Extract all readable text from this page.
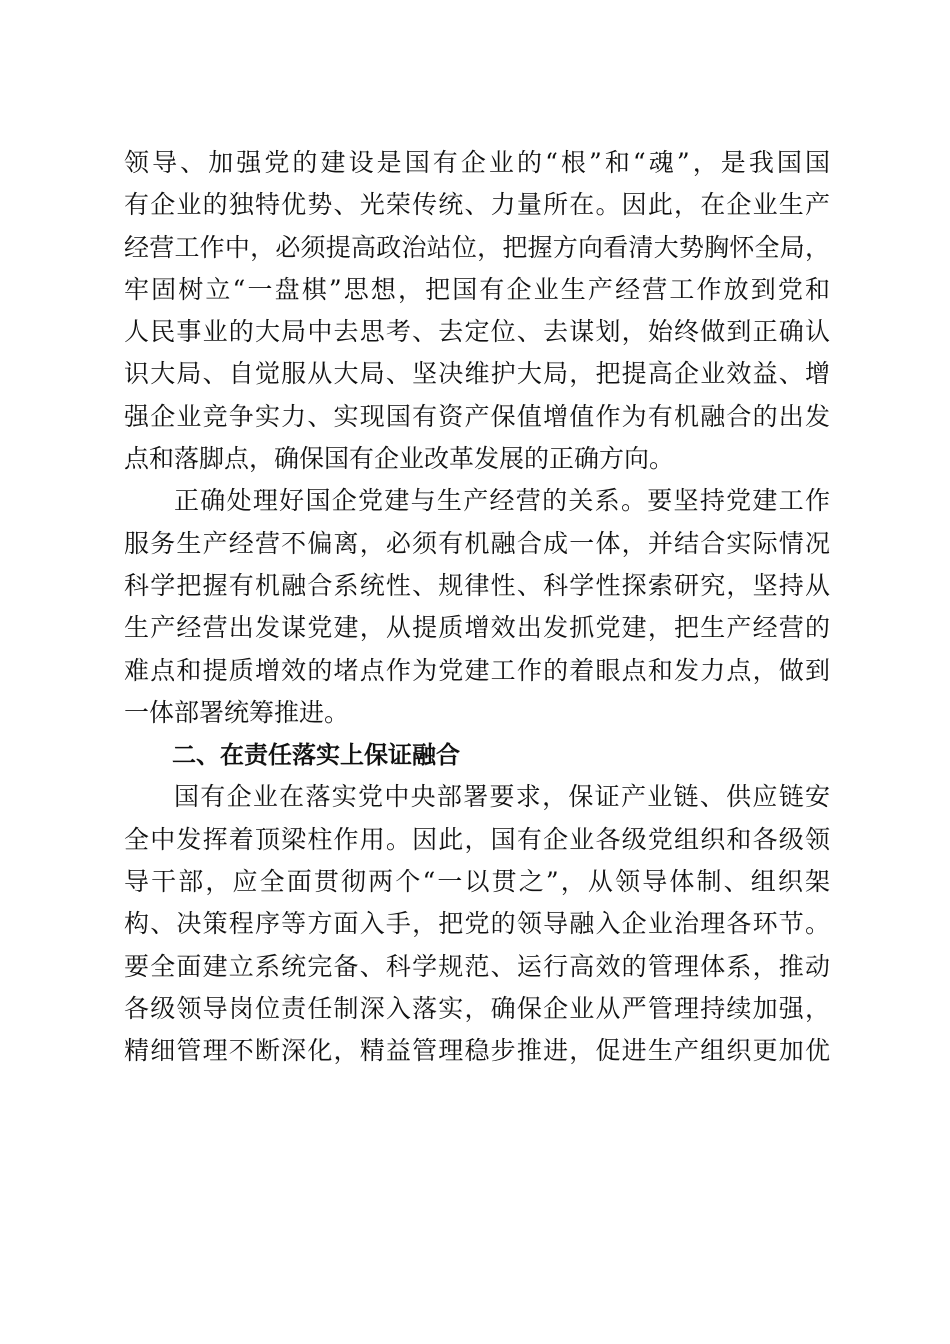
领导、加强党的建设是国有企业的“根”和“魂”，是我国国
有企业的独特优势、光荣传统、力量所在。因此，在企业生产
经营工作中，必须提高政治站位，把握方向看清大势胸怀全局，
牢固树立“一盘棋”思想，把国有企业生产经营工作放到党和
人民事业的大局中去思考、去定位、去谋划，始终做到正确认
识大局、自觉服从大局、坚决维护大局，把提高企业效益、增
强企业竞争实力、实现国有资产保值增值作为有机融合的出发
点和落脚点，确保国有企业改革发展的正确方向。
正确处理好国企党建与生产经营的关系。要坚持党建工作
服务生产经营不偏离，必须有机融合成一体，并结合实际情况
科学把握有机融合系统性、规律性、科学性探索研究，坚持从
生产经营出发谋党建，从提质增效出发抓党建，把生产经营的
难点和提质增效的堵点作为党建工作的着眼点和发力点，做到
一体部署统筹推进。
二、在责任落实上保证融合
国有企业在落实党中央部署要求，保证产业链、供应链安
全中发挥着顶梁柱作用。因此，国有企业各级党组织和各级领
导干部，应全面贯彻两个“一以贯之”，从领导体制、组织架
构、决策程序等方面入手，把党的领导融入企业治理各环节。
要全面建立系统完备、科学规范、运行高效的管理体系，推动
各级领导岗位责任制深入落实，确保企业从严管理持续加强，
精细管理不断深化，精益管理稳步推进，促进生产组织更加优
